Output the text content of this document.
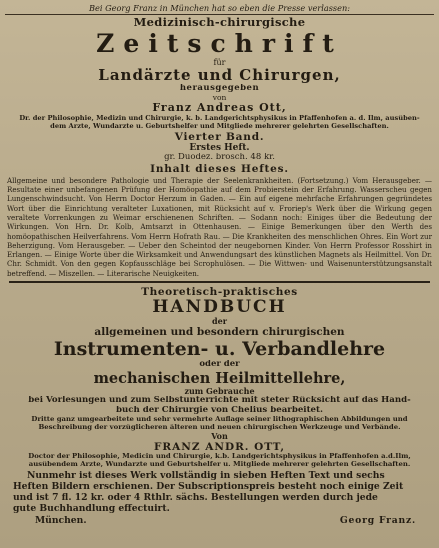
Bei Georg Franz in München hat so eben die Presse verlassen:
Medizinisch-chirurgische
Zeitschrift
für
Landärzte und Chirurgen,
herausgegeben
von
Franz Andreas Ott,
Dr. der Philosophie, Medizin und Chirurgie, k. b. Landgerichtsphysikus in Pfaffenhofen a. d. Ilm, ausüben-
dem Arzte, Wundarzte u. Geburtshelfer und Mitgliede mehrerer gelehrten Gesellschaften.
Vierter Band.
Erstes Heft.
gr. Duodez. brosch. 48 kr.
Inhalt dieses Heftes.
Allgemeine und besondere Pathologie und Therapie der Seelenkrankheiten. (Fortsetzung.) Vom Herausgeber. — Resultate einer unbefangenen Prüfung der Homöopathie auf dem Probierstein der Erfahrung. Wasserscheu gegen Lungenschwindsucht. Von Herrn Doctor Herzum in Gaden. — Ein auf eigene mehrfache Erfahrungen gegründetes Wort über die Einrichtung veralteter Luxationen, mit Rücksicht auf v. Froriep's Werk über die Wirkung gegen veraltete Vorrenkungen zu Weimar erschienenen Schriften. — Sodann noch: Einiges über die Bedeutung der Wirkungen. Von Hrn. Dr. Kolb, Amtsarzt in Ottenhausen. — Einige Bemerkungen über den Werth des homöopathischen Heilverfahrens. Vom Herrn Hofrath Rau. — Die Krankheiten des menschlichen Ohres. Ein Wort zur Beherzigung. Vom Herausgeber. — Ueber den Scheintod der neugebornen Kinder. Von Herrn Professor Rosshirt in Erlangen. — Einige Worte über die Wirksamkeit und Anwendungsart des künstlichen Magnets als Heilmittel. Von Dr. Chr. Schmidt. Von den gegen Kopfausschläge bei Scrophulösen. — Die Wittwen- und Waisenunterstützungsanstalt betreffend. — Miszellen. — Literarische Neuigkeiten.
Theoretisch-praktisches
HANDBUCH
der
allgemeinen und besondern chirurgischen
Instrumenten- u. Verbandlehre
oder der
mechanischen Heilmittellehre,
zum Gebrauche
bei Vorlesungen und zum Selbstunterrichte mit steter Rücksicht auf das Hand-
buch der Chirurgie von Chelius bearbeitet.
Dritte ganz umgearbeitete und sehr vermehrte Auflage seiner lithographischen Abbildungen und
Beschreibung der vorzüglicheren älteren und neuen chirurgischen Werkzeuge und Verbände.
Von
FRANZ ANDR. OTT,
Doctor der Philosophie, Medicin und Chirurgie, k.b. Landgerichtsphysikus in Pfaffenhofen a.d.Ilm,
ausübendem Arzte, Wundarzte und Geburtshelfer u. Mitgliede mehrerer gelehrten Gesellschaften.
Nunmehr ist dieses Werk vollständig in sieben Heften Text und sechs
Heften Bildern erschienen. Der Subscriptionspreis besteht noch einige Zeit
und ist 7 fl. 12 kr. oder 4 Rthlr. sächs. Bestellungen werden durch jede
gute Buchhandlung effectuirt.
München.	Georg Franz.
